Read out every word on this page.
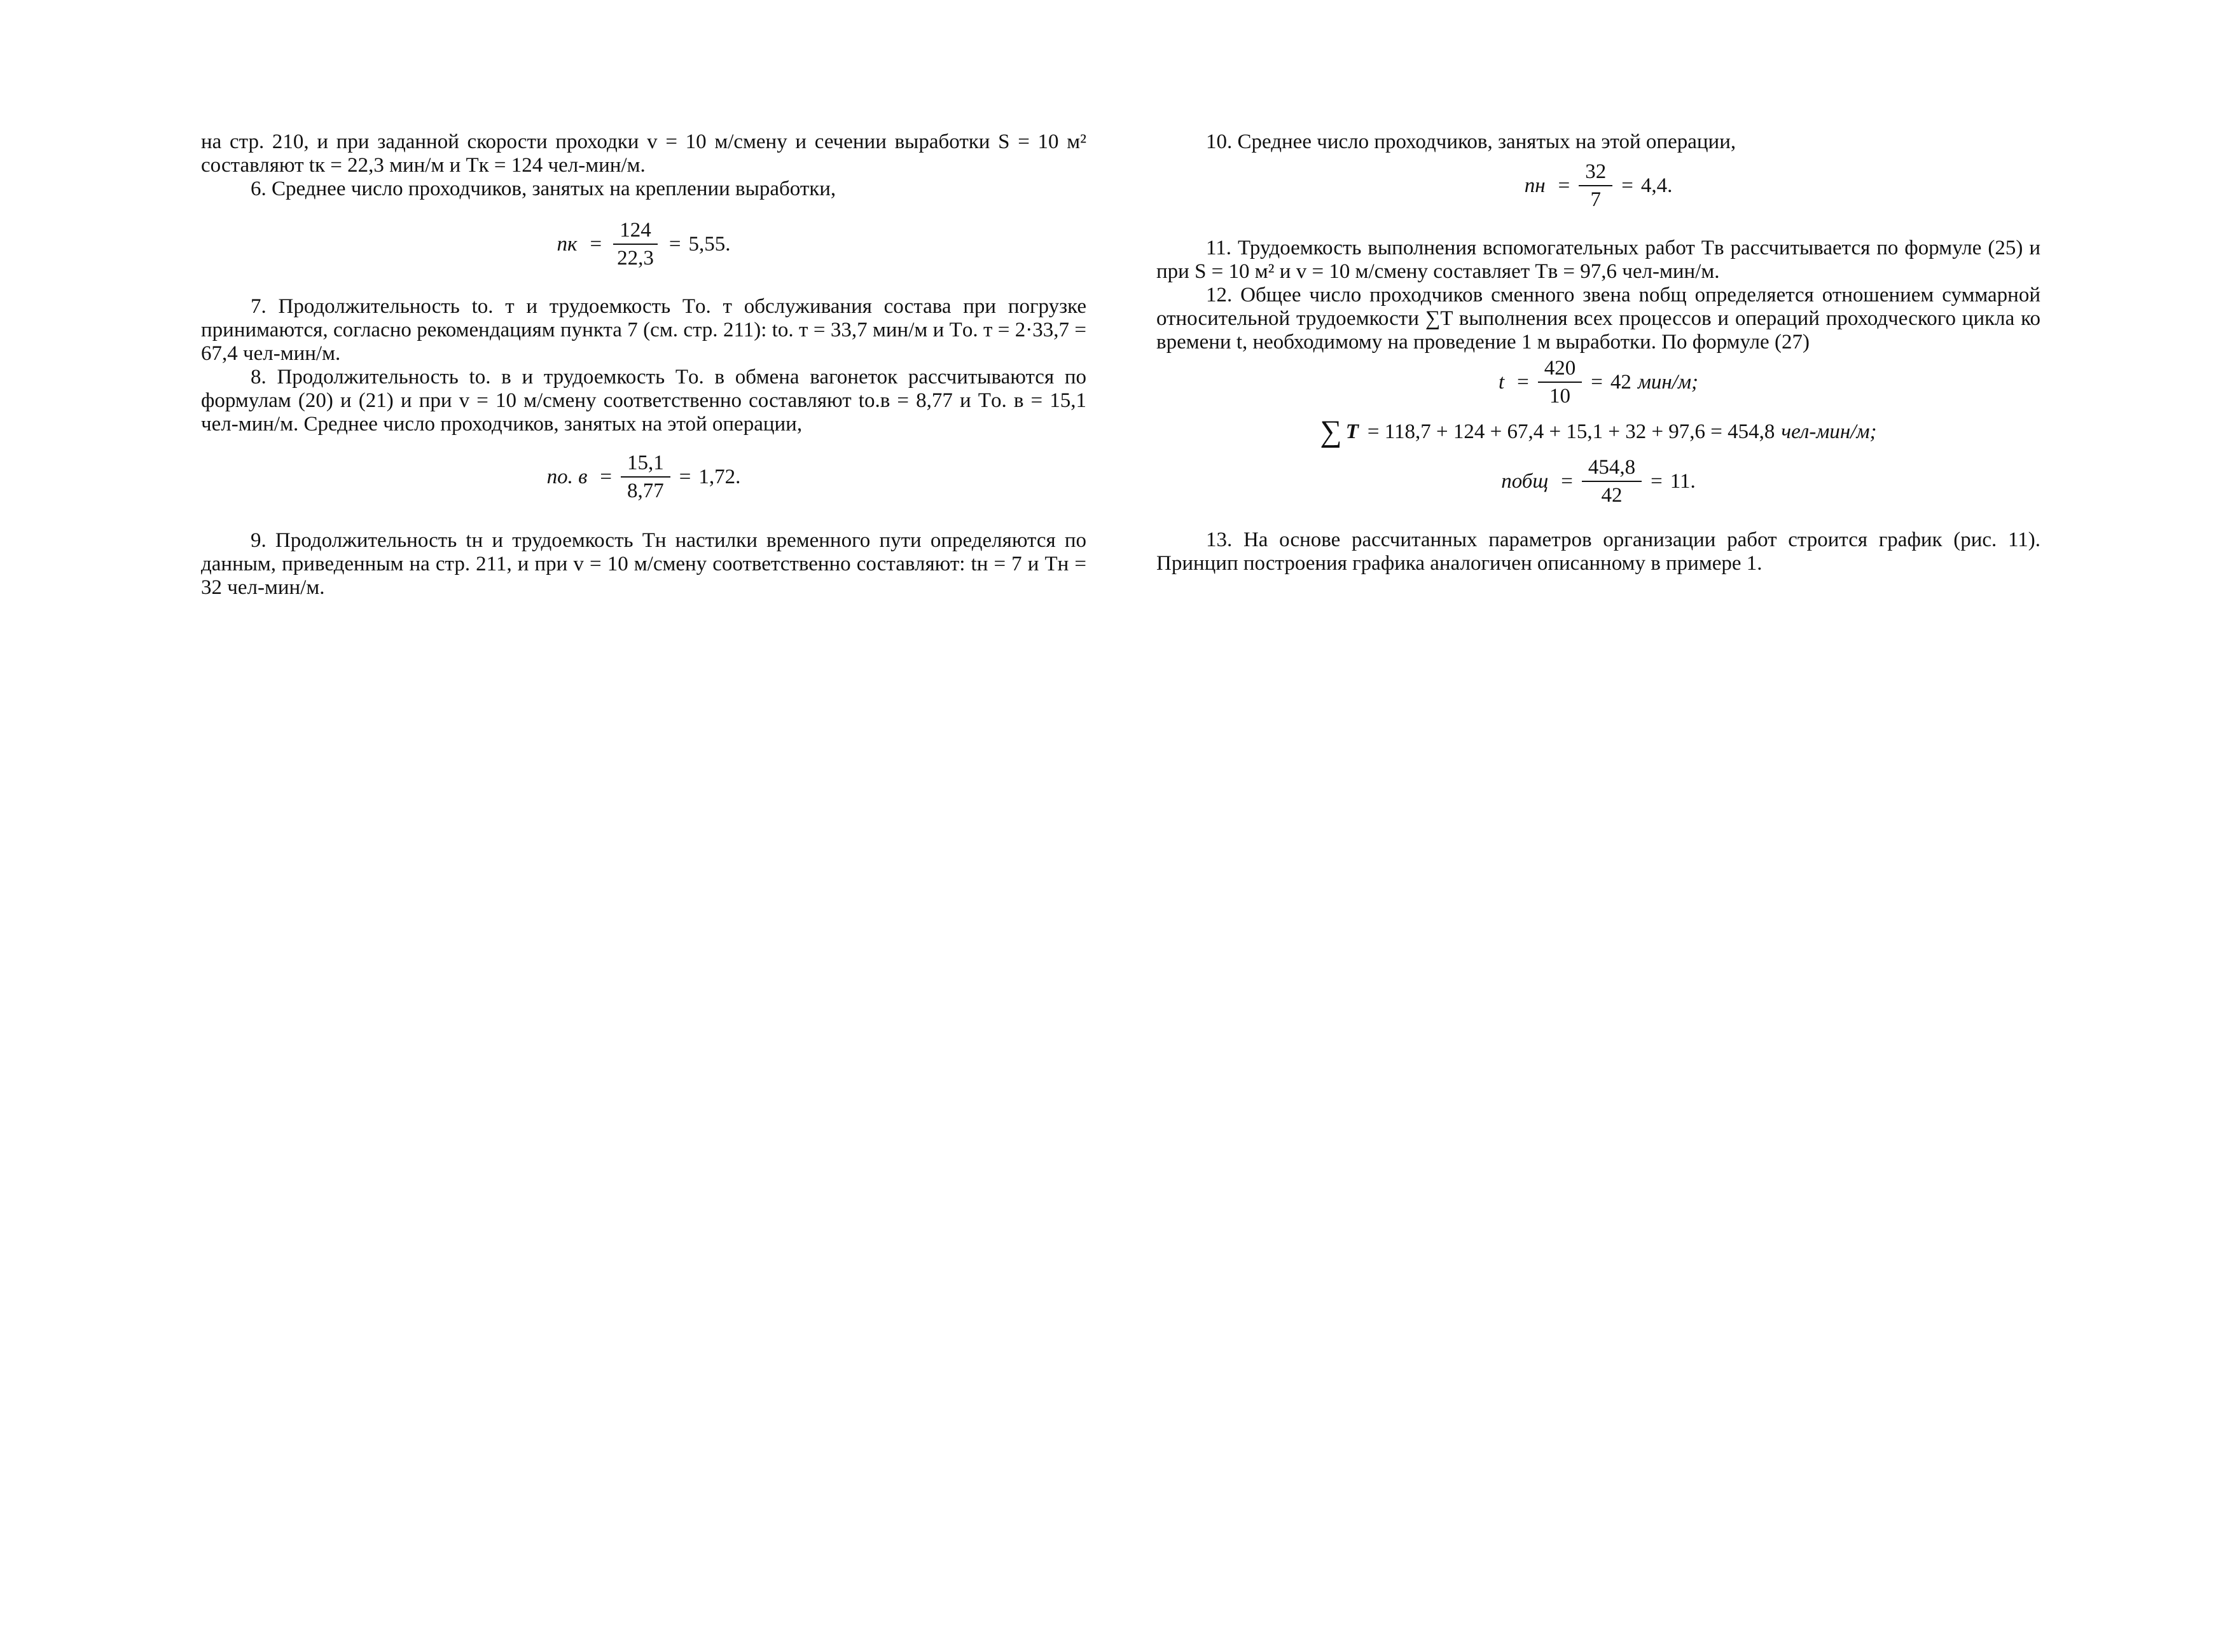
на стр. 210, и при заданной скорости проходки v = 10 м/смену и сечении выработки S = 10 м² составляют tк = 22,3 мин/м и Tк = 124 чел-мин/м.

6. Среднее число проходчиков, занятых на креплении выработки,

nк = $\frac{124}{22,3} = 5,55$.

7. Продолжительность tо. т и трудоемкость Tо. т обслуживания состава при погрузке принимаются, согласно рекомендациям пункта 7 (см. стр. 211): tо. т = 33,7 мин/м и Tо. т = 2·33,7 = 67,4 чел-мин/м.

8. Продолжительность tо. в и трудоемкость Tо. в обмена вагонеток рассчитываются по формулам (20) и (21) и при v = 10 м/смену соответственно составляют tо.в = 8,77 и Tо. в = 15,1 чел-мин/м. Среднее число проходчиков, занятых на этой операции,

nо. $в = \frac{15,1}{8,77} = 1,72$.

9. Продолжительность tн и трудоемкость Tн настилки временного пути определяются по данным, приведенным на стр. 211, и при v = 10 м/смену соответственно составляют: tн = 7 и Tн = 32 чел-мин/м.

10. Среднее число проходчиков, занятых на этой операции,

nн = $\frac{32}{7} = 4,4$.

11. Трудоемкость выполнения вспомогательных работ Tв рассчитывается по формуле (25) и при S = 10 м² и v = 10 м/смену составляет Tв = 97,6 чел-мин/м.

12. Общее число проходчиков сменного звена nобщ определяется отношением суммарной относительной трудоемкости ∑T выполнения всех процессов и операций проходческого цикла ко времени t, необходимому на проведение 1 м выработки. По формуле (27)

$t = \frac{420}{10} = 42$ мин/м;
∑ T = 118,7 + 124 + 67,4 + 15,1 + 32 + 97,6 = 454,8 чел-мин/м;
nобщ = $\frac{454,8}{42} = 11$.

13. На основе рассчитанных параметров организации работ строится график (рис. 11). Принцип построения графика аналогичен описанному в примере 1.
